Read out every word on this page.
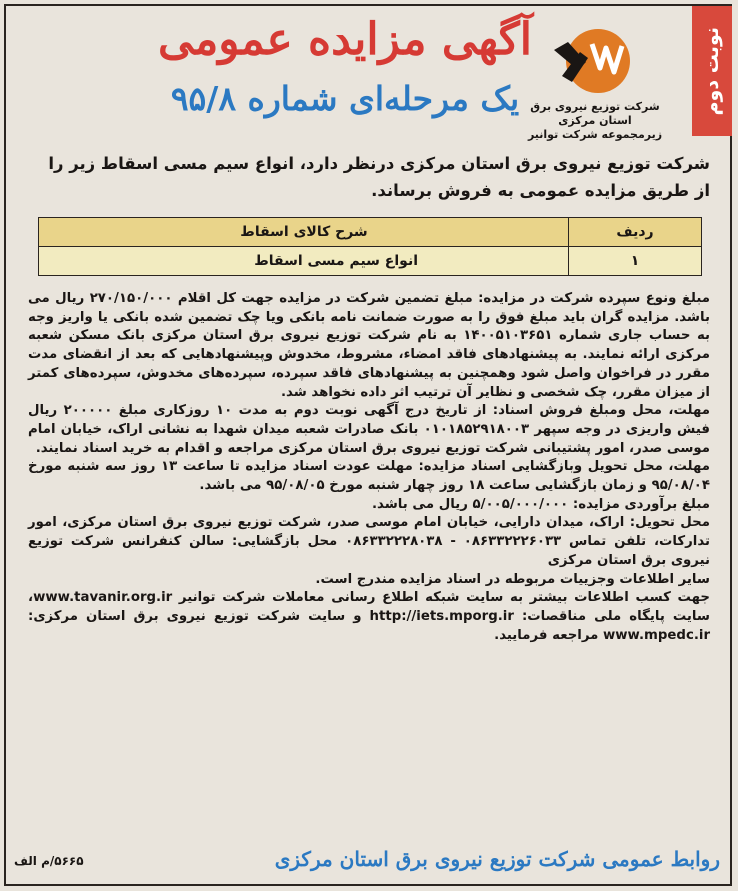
نوبت دوم
آگهی مزایده عمومی
یک مرحله‌ای شماره ۹۵/۸	شرکت توزیع نیروی برق استان مرکزی
زیرمجموعه شرکت توانیر
شرکت توزیع نیروی برق استان مرکزی درنظر دارد، انواع سیم مسی اسقاط زیر را از طریق مزایده عمومی به فروش برساند.
ردیف	شرح کالای اسقاط
۱	انواع سیم مسی اسقاط

مبلغ ونوع سپرده شرکت در مزایده: مبلغ تضمین شرکت در مزایده جهت کل اقلام ۲۷۰/۱۵۰/۰۰۰ ریال می باشد. مزایده گران باید مبلغ فوق را به صورت ضمانت نامه بانکی ویا چک تضمین شده بانکی یا واریز وجه به حساب جاری شماره ۱۴۰۰۵۱۰۳۶۵۱ به نام شرکت توزیع نیروی برق استان مرکزی بانک مسکن شعبه مرکزی ارائه نمایند. به پیشنهادهای فاقد امضاء، مشروط، مخدوش وپیشنهادهایی که بعد از انقضای مدت مقرر در فراخوان واصل شود وهمچنین به پیشنهادهای فاقد سپرده، سپرده‌های مخدوش، سپرده‌های کمتر از میزان مقرر، چک شخصی و نظایر آن ترتیب اثر داده نخواهد شد.

مهلت، محل ومبلغ فروش اسناد: از تاریخ درج آگهی نوبت دوم به مدت ۱۰ روزکاری مبلغ ۲۰۰۰۰۰ ریال فیش واریزی در وجه سپهر ۰۱۰۱۸۵۲۹۱۸۰۰۳ بانک صادرات شعبه میدان شهدا به نشانی اراک، خیابان امام موسی صدر، امور پشتیبانی شرکت توزیع نیروی برق استان مرکزی مراجعه و اقدام به خرید اسناد نمایند.

مهلت، محل تحویل وبازگشایی اسناد مزایده: مهلت عودت اسناد مزایده تا ساعت ۱۳ روز سه شنبه مورخ ۹۵/۰۸/۰۴ و زمان بازگشایی ساعت ۱۸ روز چهار شنبه مورخ ۹۵/۰۸/۰۵ می باشد.

مبلغ برآوردی مزایده: ۵/۰۰۵/۰۰۰/۰۰۰ ریال می باشد.

محل تحویل: اراک، میدان دارایی، خیابان امام موسی صدر، شرکت توزیع نیروی برق استان مرکزی، امور تدارکات، تلفن تماس ۰۸۶۳۳۲۲۲۶۰۳۳ - ۰۸۶۳۳۲۲۲۸۰۳۸ محل بازگشایی: سالن کنفرانس شرکت توزیع نیروی برق استان مرکزی

سایر اطلاعات وجزییات مربوطه در اسناد مزایده مندرج است.

جهت کسب اطلاعات بیشتر به سایت شبکه اطلاع رسانی معاملات شرکت توانیر www.tavanir.org.ir، سایت پایگاه ملی مناقصات: http://iets.mporg.ir و سایت شرکت توزیع نیروی برق استان مرکزی: www.mpedc.ir مراجعه فرمایید.

روابط عمومی شرکت توزیع نیروی برق استان مرکزی
۵۶۶۵/م الف
